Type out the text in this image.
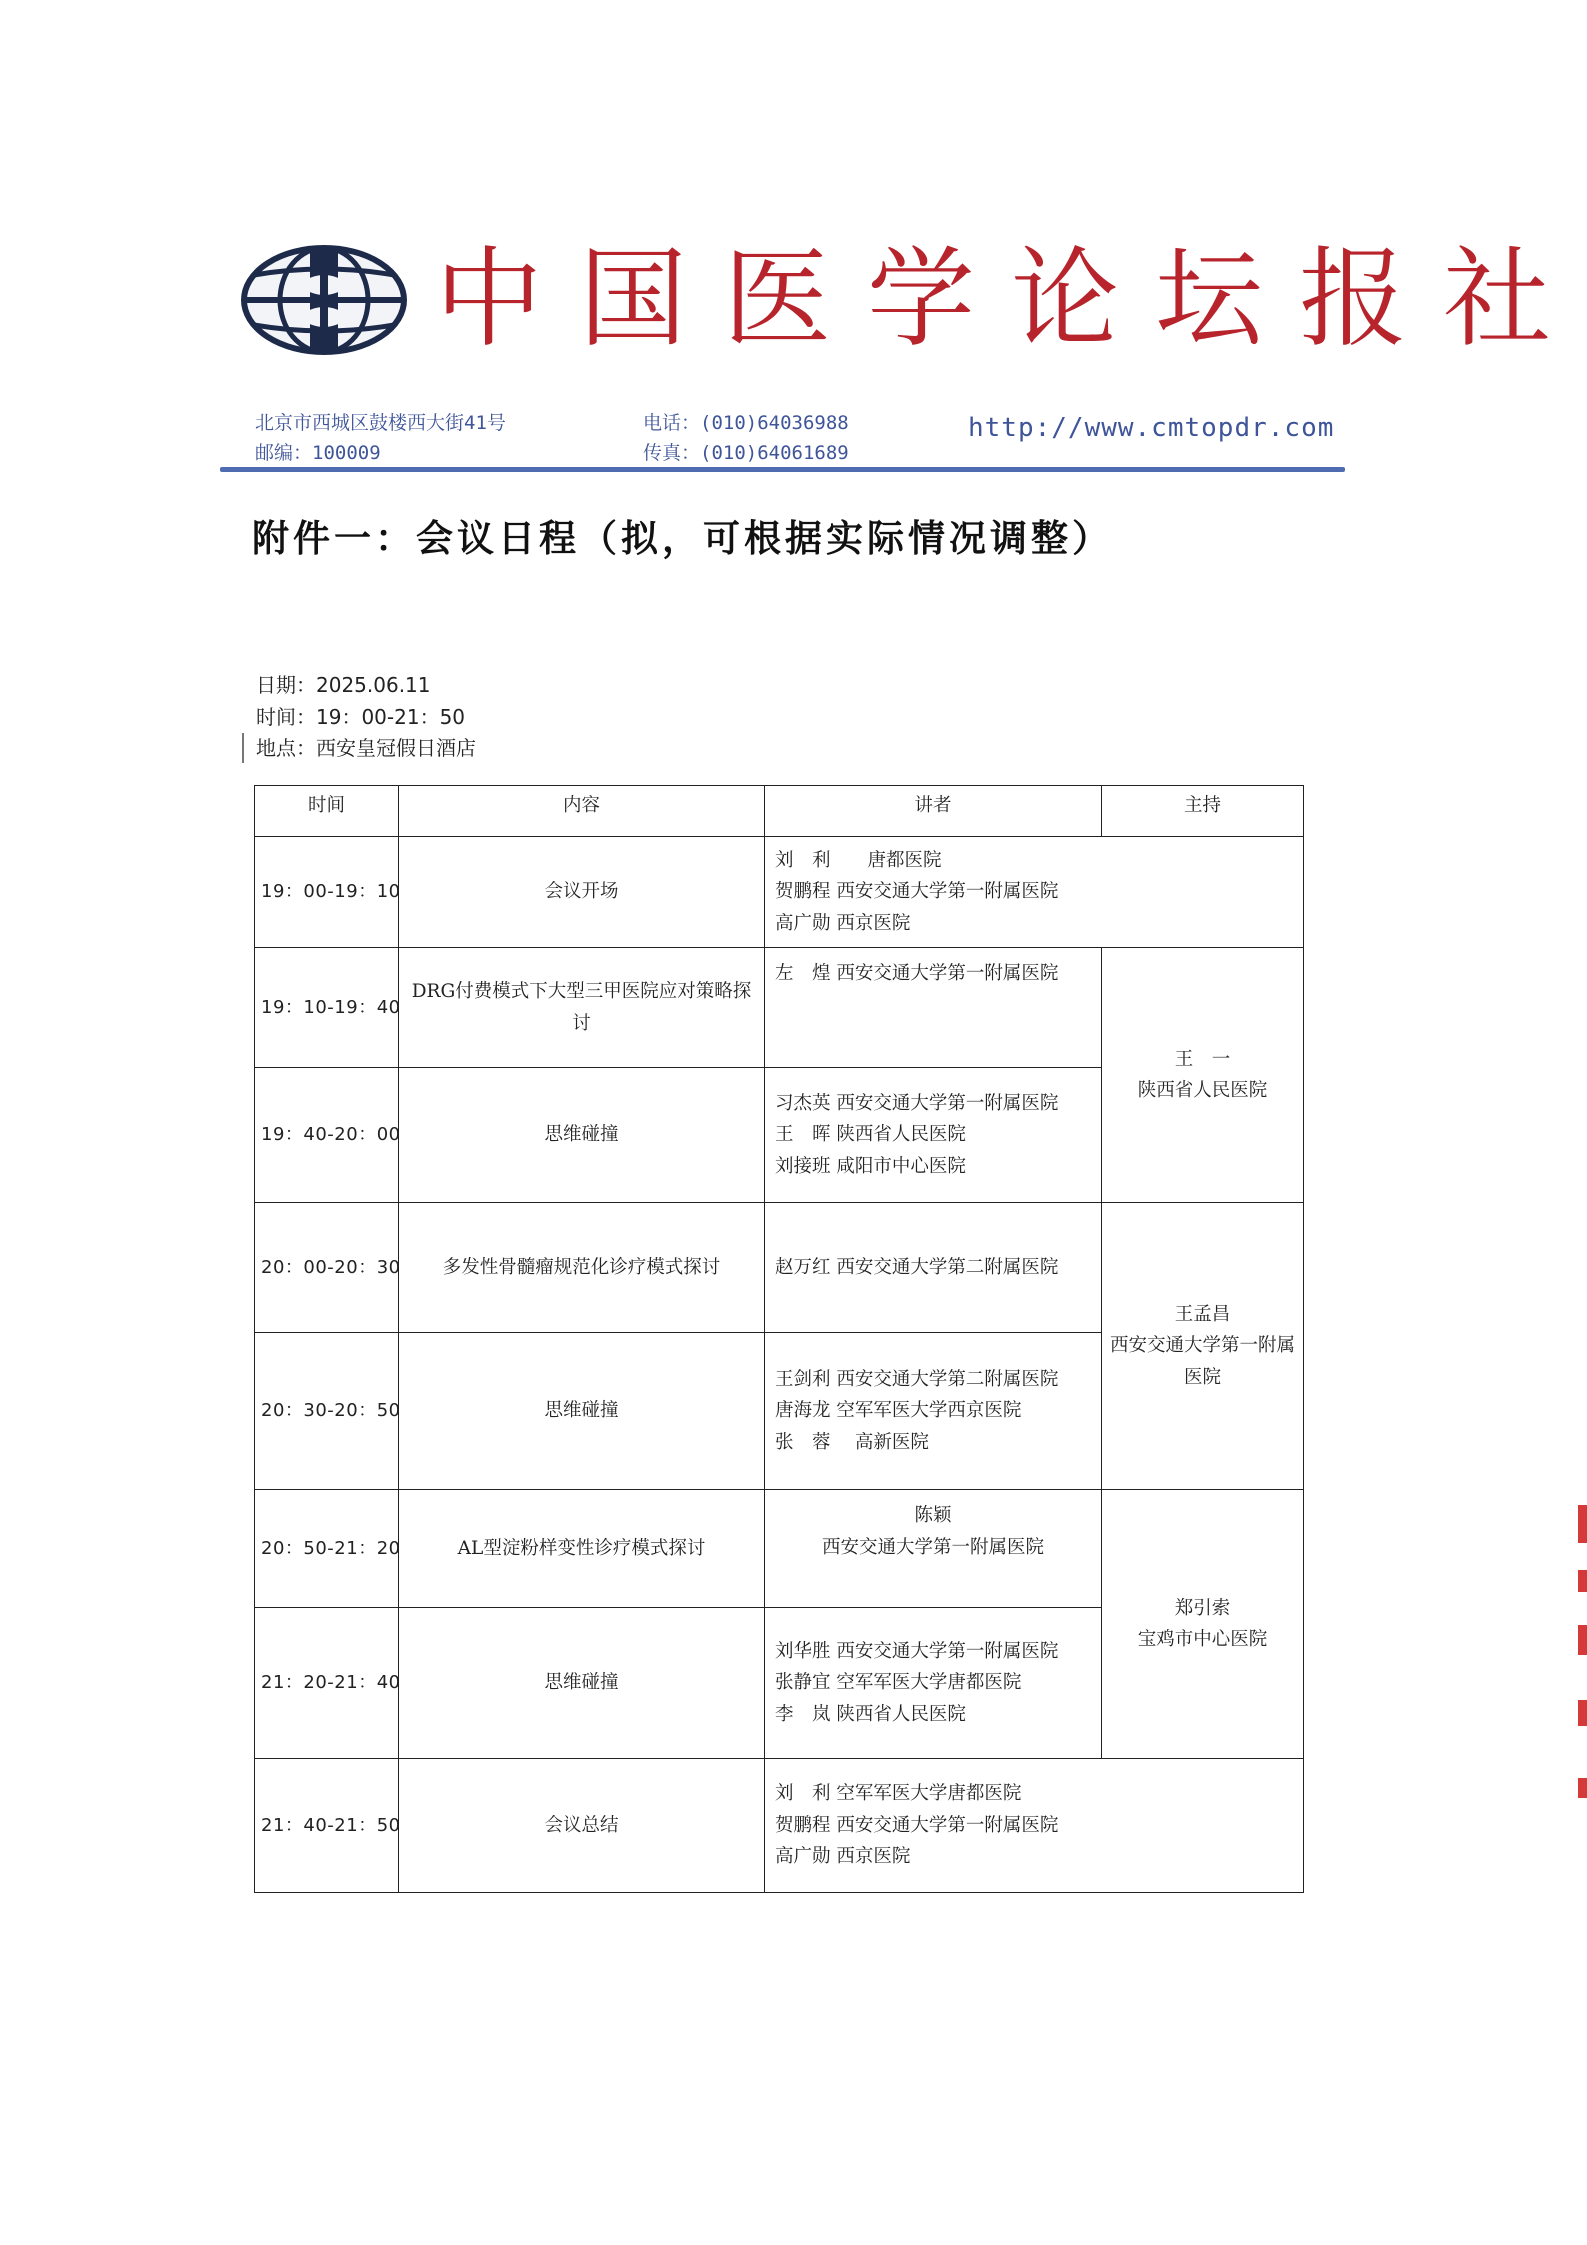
中国医学论坛报社
北京市西城区鼓楼西大街41号
邮编：100009
电话：(010)64036988
传真：(010)64061689
http://www.cmtopdr.com
附件一：会议日程（拟，可根据实际情况调整）
日期：2025.06.11
时间：19：00-21：50
地点：西安皇冠假日酒店
时间	内容	讲者	主持
19：00-19：10	会议开场	刘　利　　唐都医院
贺鹏程 西安交通大学第一附属医院
高广勋 西京医院	

19：10-19：40	DRG付费模式下大型三甲医院应对策略探讨	左　煌 西安交通大学第一附属医院	王　一
陕西省人民医院

19：40-20：00	思维碰撞	习杰英 西安交通大学第一附属医院
王　晖 陕西省人民医院
刘接班 咸阳市中心医院	

20：00-20：30	多发性骨髓瘤规范化诊疗模式探讨	赵万红 西安交通大学第二附属医院	王孟昌
西安交通大学第一附属医院

20：30-20：50	思维碰撞	王剑利 西安交通大学第二附属医院
唐海龙 空军军医大学西京医院
张　蓉　 高新医院	

20：50-21：20	AL型淀粉样变性诊疗模式探讨	陈颖
西安交通大学第一附属医院	郑引索
宝鸡市中心医院

21：20-21：40	思维碰撞	刘华胜 西安交通大学第一附属医院
张静宜 空军军医大学唐都医院
李　岚 陕西省人民医院	

21：40-21：50	会议总结	刘　利 空军军医大学唐都医院
贺鹏程 西安交通大学第一附属医院
高广勋 西京医院	
